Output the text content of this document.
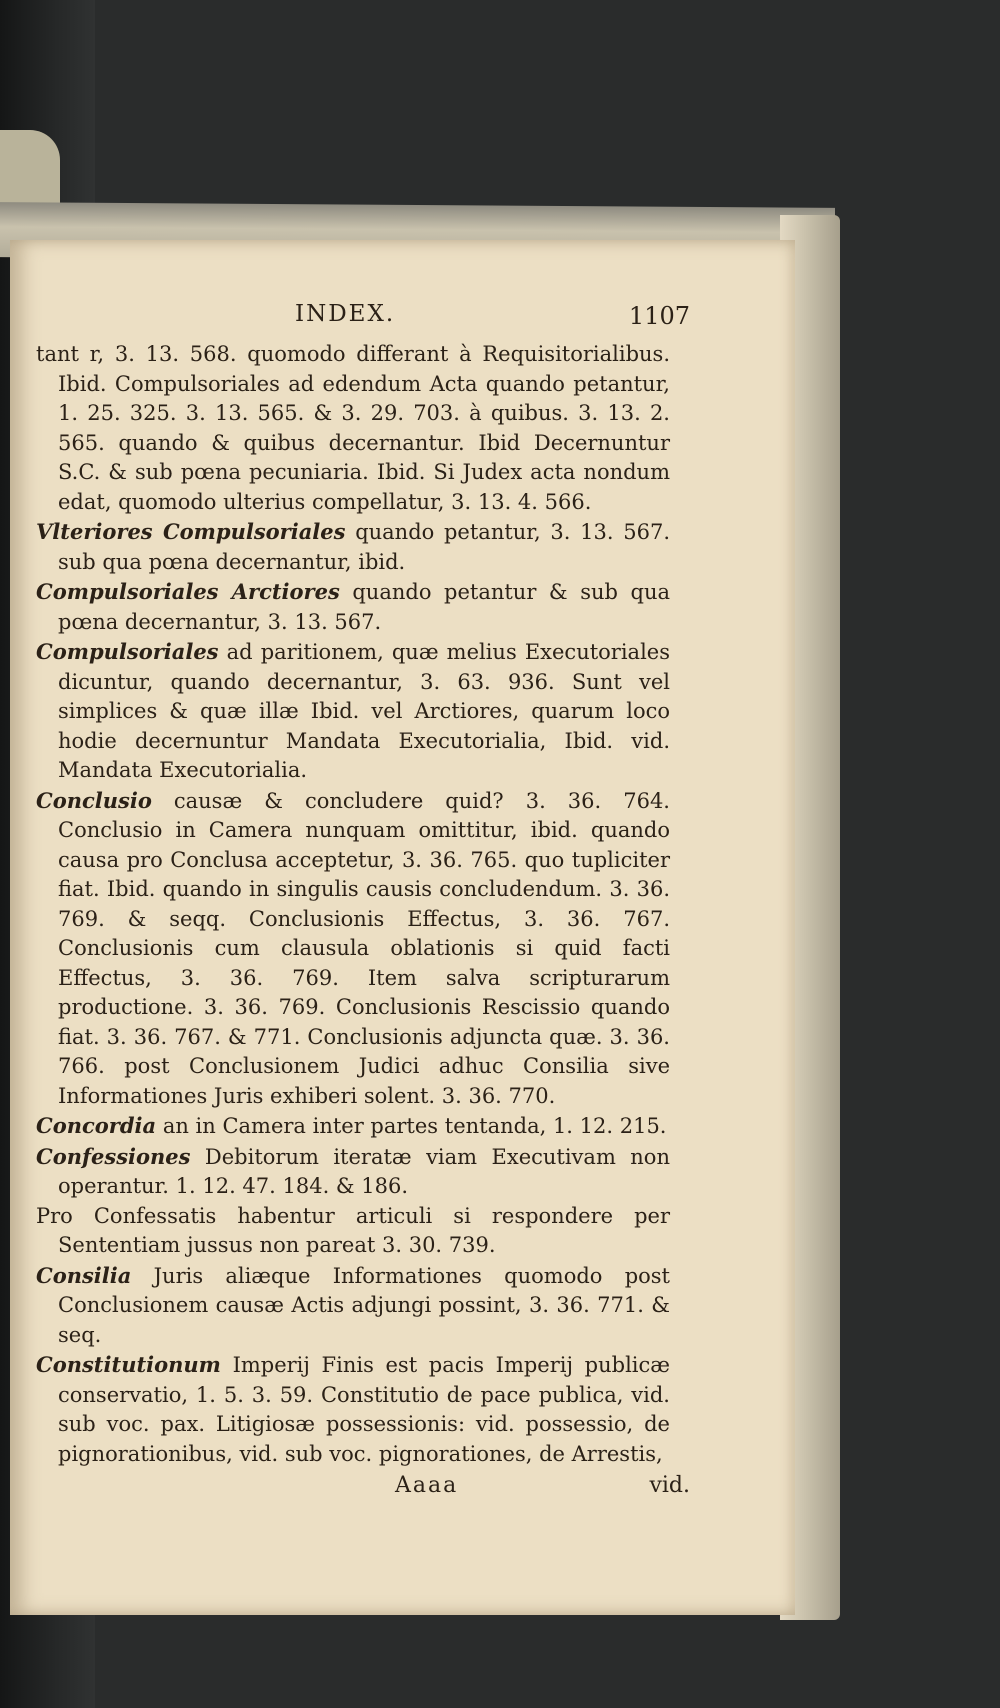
INDEX.	1107
tant r, 3. 13. 568. quomodo differant à Requisitorialibus. Ibid. Compulsoriales ad edendum Acta quando petantur, 1. 25. 325. 3. 13. 565. & 3. 29. 703. à quibus. 3. 13. 2. 565. quando & quibus decernantur. Ibid Decernuntur S.C. & sub pœna pecuniaria. Ibid. Si Judex acta nondum edat, quomodo ulterius compellatur, 3. 13. 4. 566.
Vlteriores Compulsoriales quando petantur, 3. 13. 567. sub qua pœna decernantur, ibid.
Compulsoriales Arctiores quando petantur & sub qua pœna decernantur, 3. 13. 567.
Compulsoriales ad paritionem, quæ melius Executoriales dicuntur, quando decernantur, 3. 63. 936. Sunt vel simplices & quæ illæ Ibid. vel Arctiores, quarum loco hodie decernuntur Mandata Executorialia, Ibid. vid. Mandata Executorialia.
Conclusio causæ & concludere quid? 3. 36. 764. Conclusio in Camera nunquam omittitur, ibid. quando causa pro Conclusa acceptetur, 3. 36. 765. quo tupliciter fiat. Ibid. quando in singulis causis concludendum. 3. 36. 769. & seqq. Conclusionis Effectus, 3. 36. 767. Conclusionis cum clausula oblationis si quid facti Effectus, 3. 36. 769. Item salva scripturarum productione. 3. 36. 769. Conclusionis Rescissio quando fiat. 3. 36. 767. & 771. Conclusionis adjuncta quæ. 3. 36. 766. post Conclusionem Judici adhuc Consilia sive Informationes Juris exhiberi solent. 3. 36. 770.
Concordia an in Camera inter partes tentanda, 1. 12. 215.
Confessiones Debitorum iteratæ viam Executivam non operantur. 1. 12. 47. 184. & 186.
Pro Confessatis habentur articuli si respondere per Sententiam jussus non pareat 3. 30. 739.
Consilia Juris aliæque Informationes quomodo post Conclusionem causæ Actis adjungi possint, 3. 36. 771. & seq.
Constitutionum Imperij Finis est pacis Imperij publicæ conservatio, 1. 5. 3. 59. Constitutio de pace publica, vid. sub voc. pax. Litigiosæ possessionis: vid. possessio, de pignorationibus, vid. sub voc. pignorationes, de Arrestis,
Aaaa	vid.
